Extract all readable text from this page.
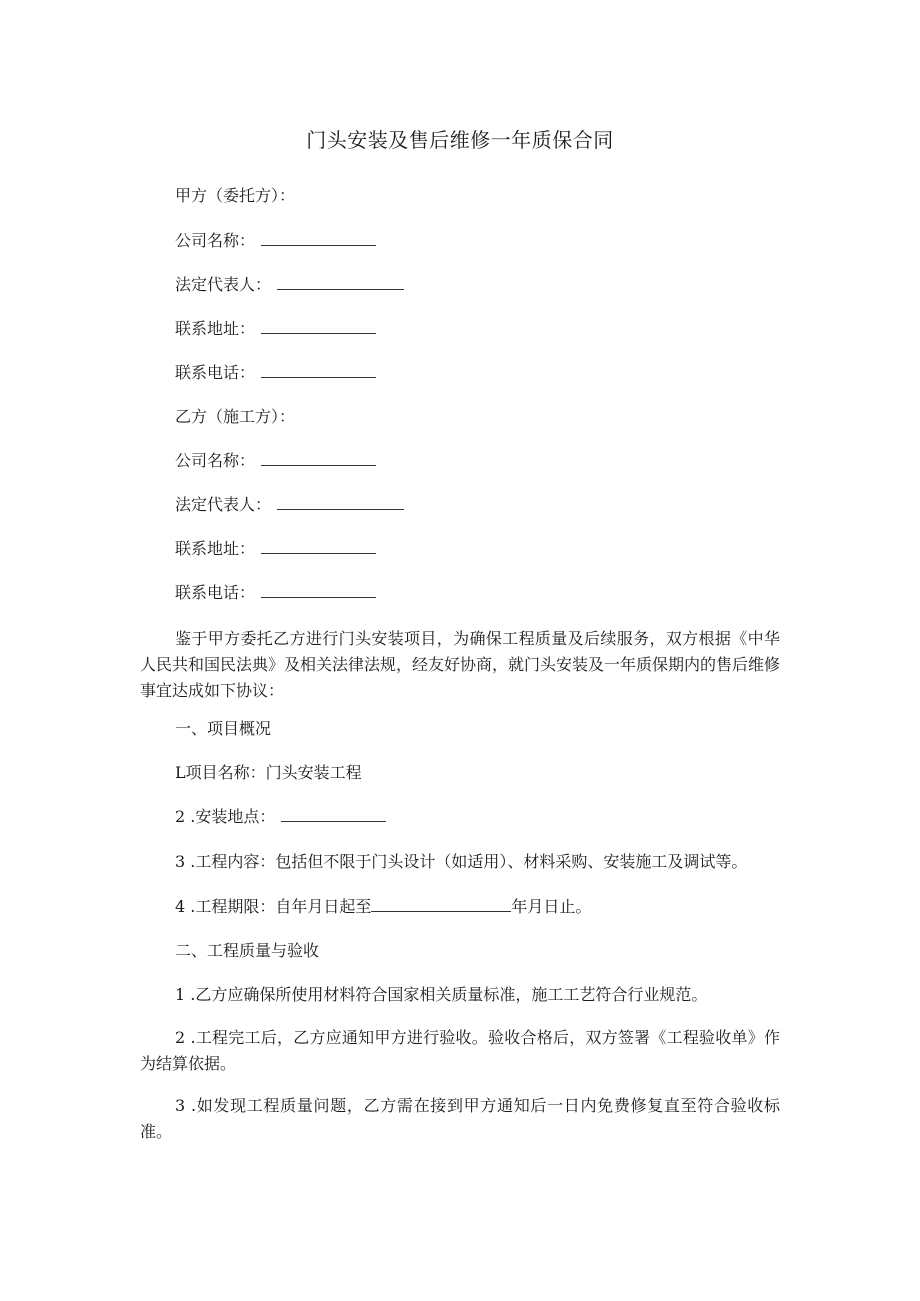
门头安装及售后维修一年质保合同
甲方（委托方）：
公司名称：
法定代表人：
联系地址：
联系电话：
乙方（施工方）：
公司名称：
法定代表人：
联系地址：
联系电话：
鉴于甲方委托乙方进行门头安装项目，为确保工程质量及后续服务，双方根据《中华人民共和国民法典》及相关法律法规，经友好协商，就门头安装及一年质保期内的售后维修事宜达成如下协议：
一、项目概况
L项目名称：门头安装工程
2 .安装地点：
3 .工程内容：包括但不限于门头设计（如适用）、材料采购、安装施工及调试等。
4 .工程期限：自年月日起至	年月日止。
二、工程质量与验收
1 .乙方应确保所使用材料符合国家相关质量标准，施工工艺符合行业规范。
2 .工程完工后，乙方应通知甲方进行验收。验收合格后，双方签署《工程验收单》作为结算依据。
3 .如发现工程质量问题，乙方需在接到甲方通知后一日内免费修复直至符合验收标准。
